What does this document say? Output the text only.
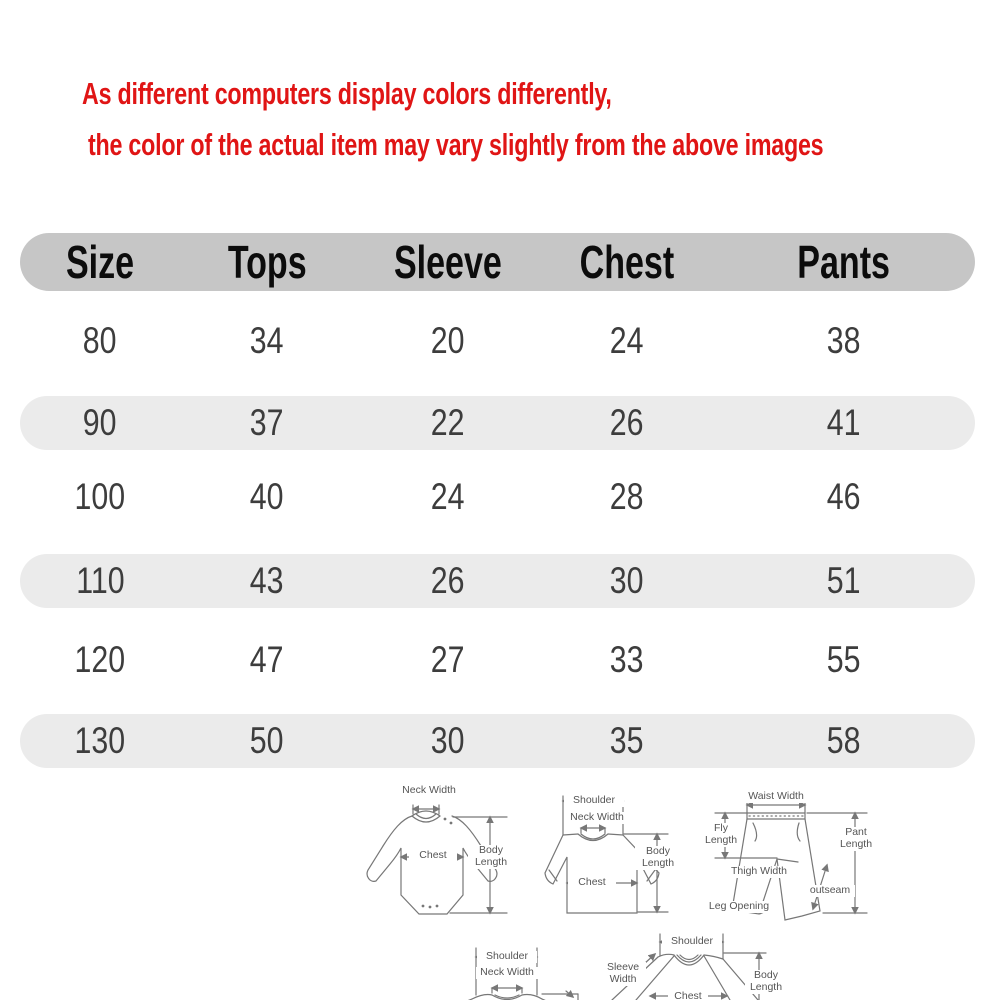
As different computers display colors differently,
the color of the actual item may vary slightly from the above images
Size	Tops	Sleeve	Chest	Pants
80	34	20	24	38
90	37	22	26	41
100	40	24	28	46
110	43	26	30	51
120	47	27	33	55
130	50	30	35	58
Neck Width
Chest	Body Length
Shoulder
Neck Width
Body Length
Chest
Waist Width
Fly Length
Pant Length
Thigh Width
outseam
Leg Opening
Shoulder
Neck Width
Shoulder
Sleeve Width	Body Length
Chest
